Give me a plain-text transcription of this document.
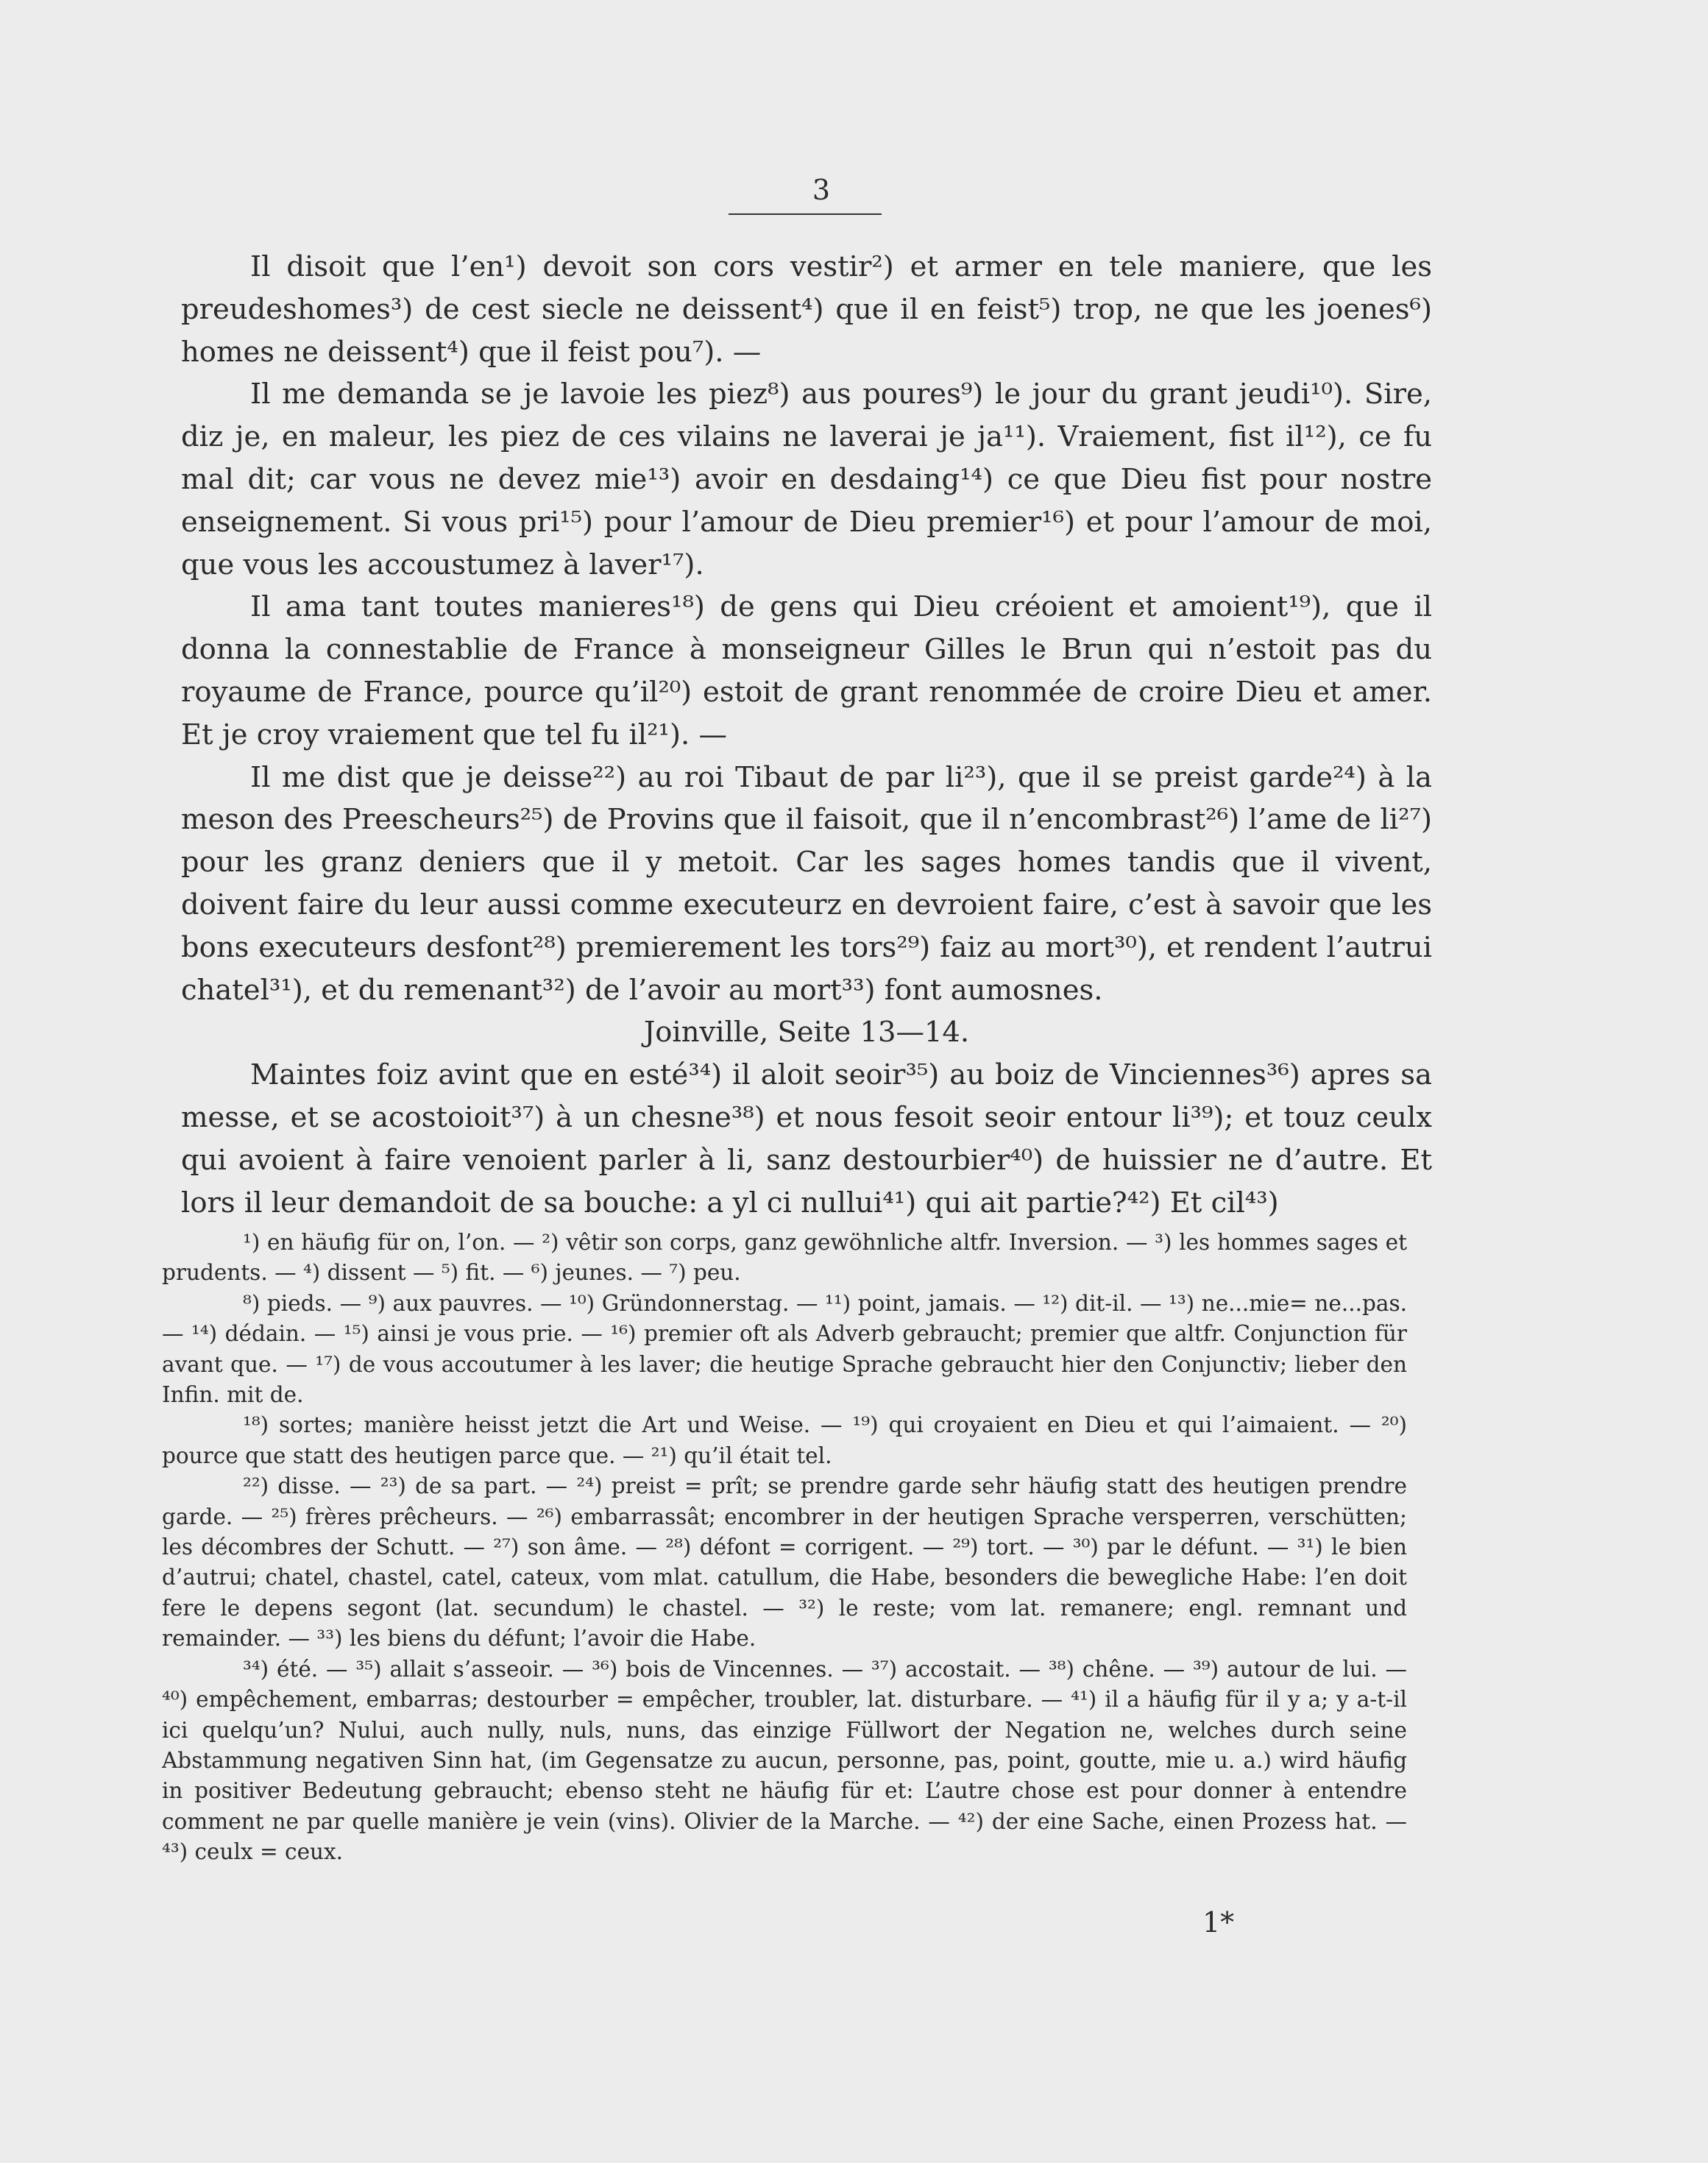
3

Il disoit que l’en¹) devoit son cors vestir²) et armer en tele maniere, que les preudeshomes³) de cest siecle ne deissent⁴) que il en feist⁵) trop, ne que les joenes⁶) homes ne deissent⁴) que il feist pou⁷). —

Il me demanda se je lavoie les piez⁸) aus poures⁹) le jour du grant jeudi¹⁰). Sire, diz je, en maleur, les piez de ces vilains ne laverai je ja¹¹). Vraiement, fist il¹²), ce fu mal dit; car vous ne devez mie¹³) avoir en desdaing¹⁴) ce que Dieu fist pour nostre enseignement. Si vous pri¹⁵) pour l’amour de Dieu premier¹⁶) et pour l’amour de moi, que vous les accoustumez à laver¹⁷).

Il ama tant toutes manieres¹⁸) de gens qui Dieu créoient et amoient¹⁹), que il donna la connestablie de France à monseigneur Gilles le Brun qui n’estoit pas du royaume de France, pource qu’il²⁰) estoit de grant renommée de croire Dieu et amer. Et je croy vraiement que tel fu il²¹). —

Il me dist que je deisse²²) au roi Tibaut de par li²³), que il se preist garde²⁴) à la meson des Preescheurs²⁵) de Provins que il faisoit, que il n’encombrast²⁶) l’ame de li²⁷) pour les granz deniers que il y metoit. Car les sages homes tandis que il vivent, doivent faire du leur aussi comme executeurz en devroient faire, c’est à savoir que les bons executeurs desfont²⁸) premierement les tors²⁹) faiz au mort³⁰), et rendent l’autrui chatel³¹), et du remenant³²) de l’avoir au mort³³) font aumosnes.

Joinville, Seite 13—14.

Maintes foiz avint que en esté³⁴) il aloit seoir³⁵) au boiz de Vinciennes³⁶) apres sa messe, et se acostoioit³⁷) à un chesne³⁸) et nous fesoit seoir entour li³⁹); et touz ceulx qui avoient à faire venoient parler à li, sanz destourbier⁴⁰) de huissier ne d’autre. Et lors il leur demandoit de sa bouche: a yl ci nullui⁴¹) qui ait partie?⁴²) Et cil⁴³)

¹) en häufig für on, l’on. — ²) vêtir son corps, ganz gewöhnliche altfr. Inversion. — ³) les hommes sages et prudents. — ⁴) dissent — ⁵) fit. — ⁶) jeunes. — ⁷) peu.

⁸) pieds. — ⁹) aux pauvres. — ¹⁰) Gründonnerstag. — ¹¹) point, jamais. — ¹²) dit-il. — ¹³) ne...mie= ne...pas. — ¹⁴) dédain. — ¹⁵) ainsi je vous prie. — ¹⁶) premier oft als Adverb gebraucht; premier que altfr. Conjunction für avant que. — ¹⁷) de vous accoutumer à les laver; die heutige Sprache gebraucht hier den Conjunctiv; lieber den Infin. mit de.

¹⁸) sortes; manière heisst jetzt die Art und Weise. — ¹⁹) qui croyaient en Dieu et qui l’aimaient. — ²⁰) pource que statt des heutigen parce que. — ²¹) qu’il était tel.

²²) disse. — ²³) de sa part. — ²⁴) preist = prît; se prendre garde sehr häufig statt des heutigen prendre garde. — ²⁵) frères prêcheurs. — ²⁶) embarrassât; encombrer in der heutigen Sprache versperren, verschütten; les décombres der Schutt. — ²⁷) son âme. — ²⁸) défont = corrigent. — ²⁹) tort. — ³⁰) par le défunt. — ³¹) le bien d’autrui; chatel, chastel, catel, cateux, vom mlat. catullum, die Habe, besonders die bewegliche Habe: l’en doit fere le depens segont (lat. secundum) le chastel. — ³²) le reste; vom lat. remanere; engl. remnant und remainder. — ³³) les biens du défunt; l’avoir die Habe.

³⁴) été. — ³⁵) allait s’asseoir. — ³⁶) bois de Vincennes. — ³⁷) accostait. — ³⁸) chêne. — ³⁹) autour de lui. — ⁴⁰) empêchement, embarras; destourber = empêcher, troubler, lat. disturbare. — ⁴¹) il a häufig für il y a; y a-t-il ici quelqu’un? Nului, auch nully, nuls, nuns, das einzige Füllwort der Negation ne, welches durch seine Abstammung negativen Sinn hat, (im Gegensatze zu aucun, personne, pas, point, goutte, mie u. a.) wird häufig in positiver Bedeutung gebraucht; ebenso steht ne häufig für et: L’autre chose est pour donner à entendre comment ne par quelle manière je vein (vins). Olivier de la Marche. — ⁴²) der eine Sache, einen Prozess hat. — ⁴³) ceulx = ceux.

1*
